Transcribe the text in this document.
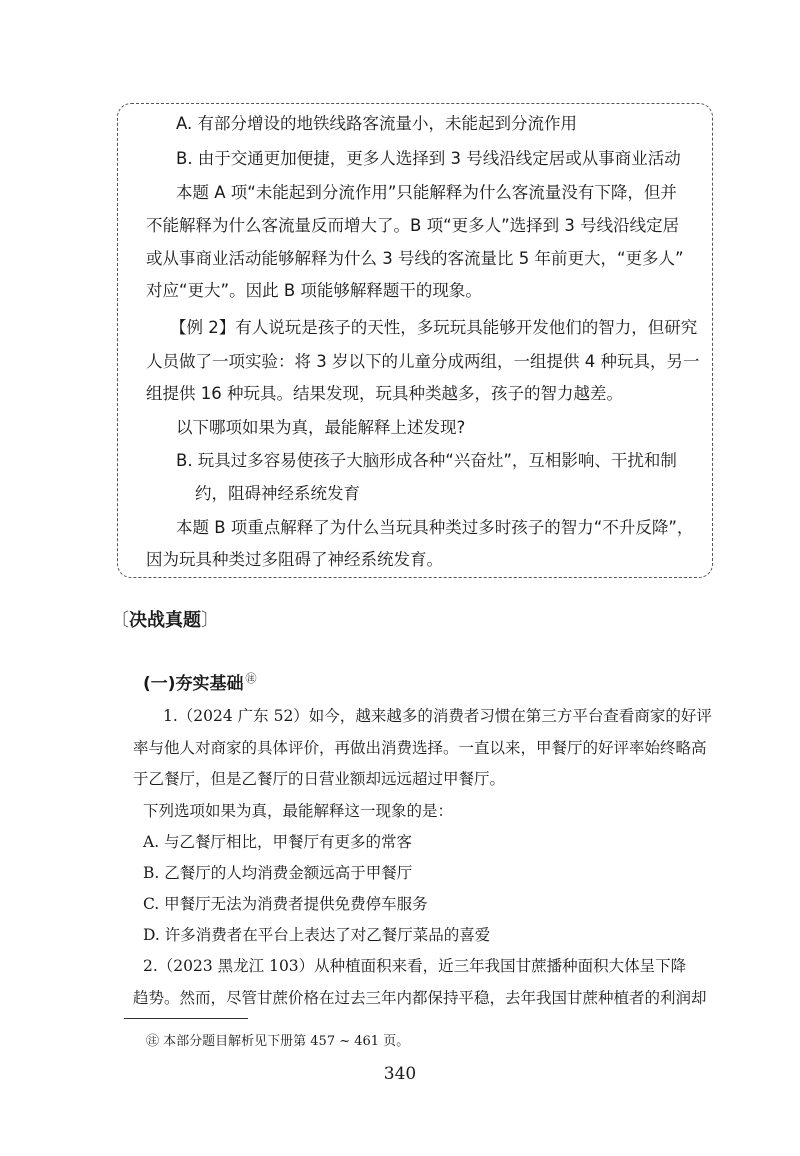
A. 有部分增设的地铁线路客流量小，未能起到分流作用
B. 由于交通更加便捷，更多人选择到 3 号线沿线定居或从事商业活动
本题 A 项“未能起到分流作用”只能解释为什么客流量没有下降，但并
不能解释为什么客流量反而增大了。B 项“更多人”选择到 3 号线沿线定居
或从事商业活动能够解释为什么 3 号线的客流量比 5 年前更大，“更多人”
对应“更大”。因此 B 项能够解释题干的现象。
【例 2】有人说玩是孩子的天性，多玩玩具能够开发他们的智力，但研究
人员做了一项实验：将 3 岁以下的儿童分成两组，一组提供 4 种玩具，另一
组提供 16 种玩具。结果发现，玩具种类越多，孩子的智力越差。
以下哪项如果为真，最能解释上述发现?
B. 玩具过多容易使孩子大脑形成各种“兴奋灶”，互相影响、干扰和制
约，阻碍神经系统发育
本题 B 项重点解释了为什么当玩具种类过多时孩子的智力“不升反降”，
因为玩具种类过多阻碍了神经系统发育。
〔决战真题〕
(一)夯实基础 ㊟
1.（2024 广东 52）如今，越来越多的消费者习惯在第三方平台查看商家的好评
率与他人对商家的具体评价，再做出消费选择。一直以来，甲餐厅的好评率始终略高
于乙餐厅，但是乙餐厅的日营业额却远远超过甲餐厅。
下列选项如果为真，最能解释这一现象的是：
A. 与乙餐厅相比，甲餐厅有更多的常客
B. 乙餐厅的人均消费金额远高于甲餐厅
C. 甲餐厅无法为消费者提供免费停车服务
D. 许多消费者在平台上表达了对乙餐厅菜品的喜爱
2.（2023 黑龙江 103）从种植面积来看，近三年我国甘蔗播种面积大体呈下降
趋势。然而，尽管甘蔗价格在过去三年内都保持平稳，去年我国甘蔗种植者的利润却
㊟ 本部分题目解析见下册第 457 ~ 461 页。
340
